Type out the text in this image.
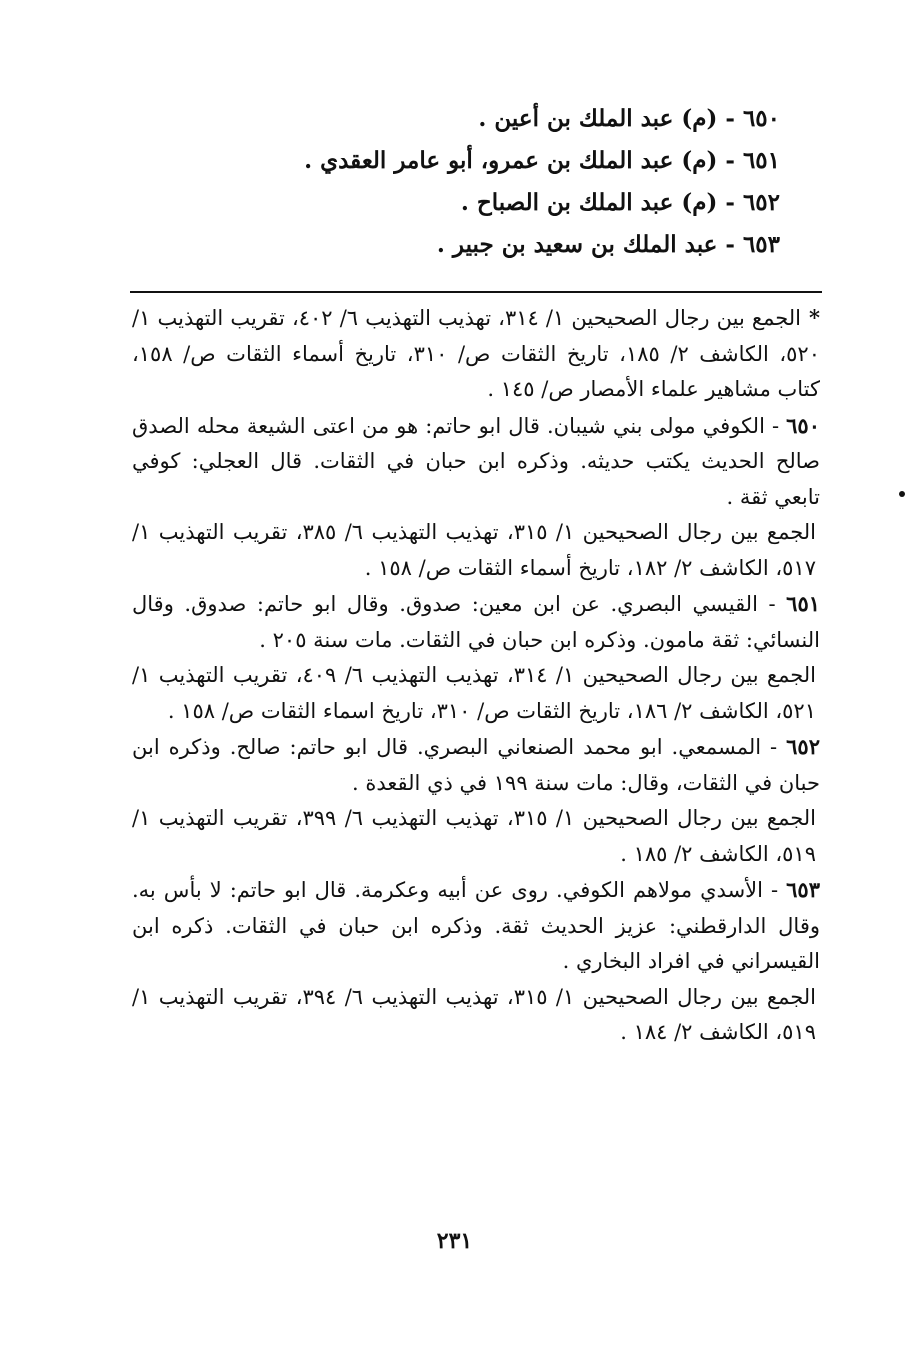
٦٥٠ - (م) عبد الملك بن أعين .
٦٥١ - (م) عبد الملك بن عمرو، أبو عامر العقدي .
٦٥٢ - (م) عبد الملك بن الصباح .
٦٥٣ - عبد الملك بن سعيد بن جبير .

*الجمع بين رجال الصحيحين ١/ ٣١٤، تهذيب التهذيب ٦/ ٤٠٢، تقريب التهذيب ١/ ٥٢٠، الكاشف ٢/ ١٨٥، تاريخ الثقات ص/ ٣١٠، تاريخ أسماء الثقات ص/ ١٥٨، كتاب مشاهير علماء الأمصار ص/ ١٤٥ .

٦٥٠ - الكوفي مولى بني شيبان. قال ابو حاتم: هو من اعتى الشيعة محله الصدق صالح الحديث يكتب حديثه. وذكره ابن حبان في الثقات. قال العجلي: كوفي تابعي ثقة .

الجمع بين رجال الصحيحين ١/ ٣١٥، تهذيب التهذيب ٦/ ٣٨٥، تقريب التهذيب ١/ ٥١٧، الكاشف ٢/ ١٨٢، تاريخ أسماء الثقات ص/ ١٥٨ .

٦٥١ - القيسي البصري. عن ابن معين: صدوق. وقال ابو حاتم: صدوق. وقال النسائي: ثقة مامون. وذكره ابن حبان في الثقات. مات سنة ٢٠٥ .

الجمع بين رجال الصحيحين ١/ ٣١٤، تهذيب التهذيب ٦/ ٤٠٩، تقريب التهذيب ١/ ٥٢١، الكاشف ٢/ ١٨٦، تاريخ الثقات ص/ ٣١٠، تاريخ اسماء الثقات ص/ ١٥٨ .

٦٥٢ - المسمعي. ابو محمد الصنعاني البصري. قال ابو حاتم: صالح. وذكره ابن حبان في الثقات، وقال: مات سنة ١٩٩ في ذي القعدة .

الجمع بين رجال الصحيحين ١/ ٣١٥، تهذيب التهذيب ٦/ ٣٩٩، تقريب التهذيب ١/ ٥١٩، الكاشف ٢/ ١٨٥ .

٦٥٣ - الأسدي مولاهم الكوفي. روى عن أبيه وعكرمة. قال ابو حاتم: لا بأس به. وقال الدارقطني: عزيز الحديث ثقة. وذكره ابن حبان في الثقات. ذكره ابن القيسراني في افراد البخاري .

الجمع بين رجال الصحيحين ١/ ٣١٥، تهذيب التهذيب ٦/ ٣٩٤، تقريب التهذيب ١/ ٥١٩، الكاشف ٢/ ١٨٤ .

٢٣١
